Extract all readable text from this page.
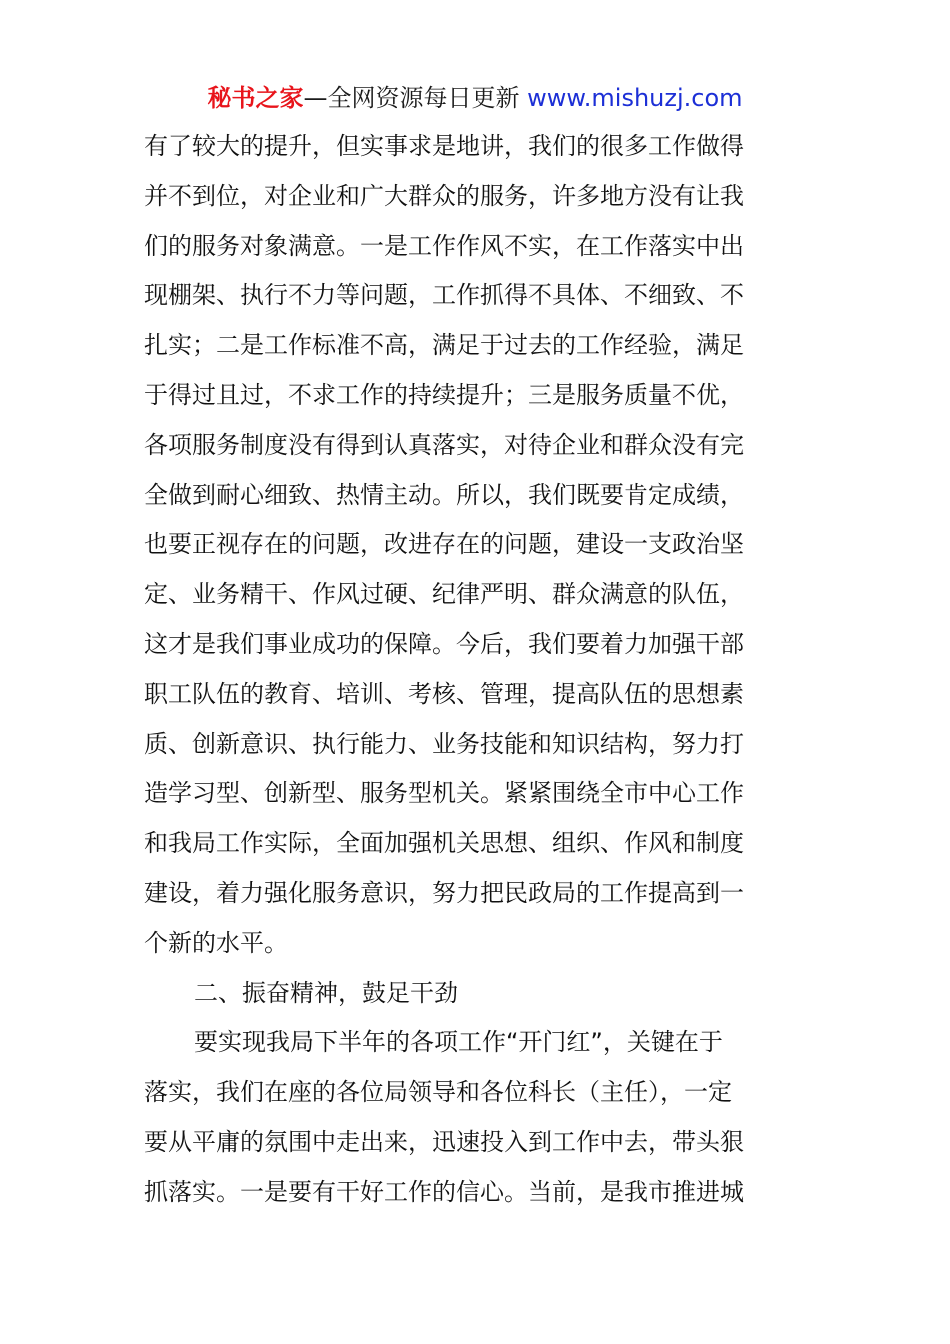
秘书之家—全网资源每日更新 www.mishuzj.com
有了较大的提升，但实事求是地讲，我们的很多工作做得
并不到位，对企业和广大群众的服务，许多地方没有让我
们的服务对象满意。一是工作作风不实，在工作落实中出
现棚架、执行不力等问题，工作抓得不具体、不细致、不
扎实；二是工作标准不高，满足于过去的工作经验，满足
于得过且过，不求工作的持续提升；三是服务质量不优，
各项服务制度没有得到认真落实，对待企业和群众没有完
全做到耐心细致、热情主动。所以，我们既要肯定成绩，
也要正视存在的问题，改进存在的问题，建设一支政治坚
定、业务精干、作风过硬、纪律严明、群众满意的队伍，
这才是我们事业成功的保障。今后，我们要着力加强干部
职工队伍的教育、培训、考核、管理，提高队伍的思想素
质、创新意识、执行能力、业务技能和知识结构，努力打
造学习型、创新型、服务型机关。紧紧围绕全市中心工作
和我局工作实际，全面加强机关思想、组织、作风和制度
建设，着力强化服务意识，努力把民政局的工作提高到一
个新的水平。
二、振奋精神，鼓足干劲
要实现我局下半年的各项工作“开门红”，关键在于
落实，我们在座的各位局领导和各位科长（主任），一定
要从平庸的氛围中走出来，迅速投入到工作中去，带头狠
抓落实。一是要有干好工作的信心。当前，是我市推进城
